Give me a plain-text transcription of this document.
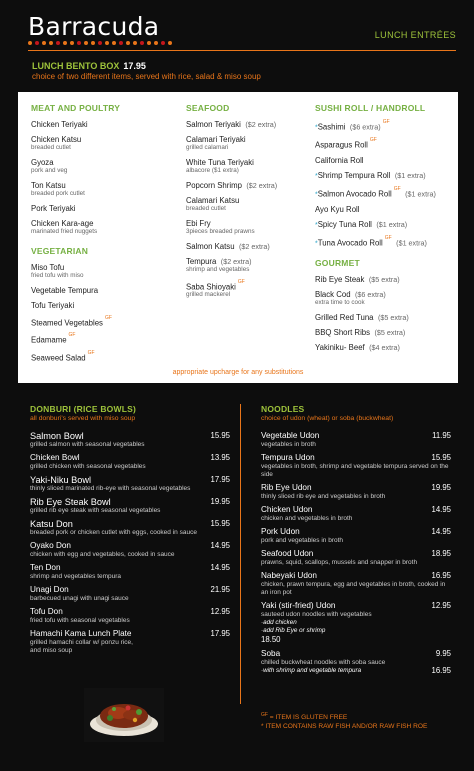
Barracuda	LUNCH ENTRÉES
LUNCH BENTO BOX 17.95
choice of two different items, served with rice, salad & miso soup
MEAT AND POULTRY
Chicken Teriyaki
Chicken Katsu
breaded cutlet
Gyoza
pork and veg
Ton Katsu
breaded pork cutlet
Pork Teriyaki
Chicken Kara-age
marinated fried nuggets
VEGETARIAN
Miso Tofu
fried tofu with miso
Vegetable Tempura
Tofu Teriyaki
Steamed Vegetables$^{GF}$
Edamame$^{GF}$
Seaweed Salad$^{GF}$
SEAFOOD
Salmon Teriyaki ($2 extra)
Calamari Teriyaki
grilled calamari
White Tuna Teriyaki
albacore ($1 extra)
Popcorn Shrimp ($2 extra)
Calamari Katsu
breaded cutlet
Ebi Fry
3pieces breaded prawns
Salmon Katsu ($2 extra)
Tempura ($2 extra)
shrimp and vegetables
Saba Shioyaki$^{GF}$
grilled mackerel
SUSHI ROLL / HANDROLL
*Sashimi ($6 extra)$^{GF}$
Asparagus Roll$^{GF}$
California Roll
*Shrimp Tempura Roll ($1 extra)
*Salmon Avocado Roll$^{GF}$ ($1 extra)
Ayo Kyu Roll
*Spicy Tuna Roll ($1 extra)
*Tuna Avocado Roll$^{GF}$ ($1 extra)
GOURMET
Rib Eye Steak ($5 extra)
Black Cod ($6 extra)
extra time to cook
Grilled Red Tuna ($5 extra)
BBQ Short Ribs ($5 extra)
Yakiniku- Beef ($4 extra)
appropriate upcharge for any substitutions
DONBURI (RICE BOWLS)
all donburi's served with miso soup
Salmon Bowl	15.95
grilled salmon with seasonal vegetables
Chicken Bowl	13.95
grilled chicken with seasonal vegetables
Yaki-Niku Bowl	17.95
thinly sliced marinated rib-eye with seasonal vegetables
Rib Eye Steak Bowl	19.95
grilled rib eye steak with seasonal vegetables
Katsu Don	15.95
breaded pork or chicken cutlet with eggs, cooked in sauce
Oyako Don	14.95
chicken with egg and vegetables, cooked in sauce
Ten Don	14.95
shrimp and vegetables tempura
Unagi Don	21.95
barbecued unagi with unagi sauce
Tofu Don	12.95
fried tofu with seasonal vegetables
Hamachi Kama Lunch Plate	17.95
grilled hamachi collar w/ ponzu rice, and miso soup
NOODLES
choice of udon (wheat) or soba (buckwheat)
Vegetable Udon	11.95
vegetables in broth
Tempura Udon	15.95
vegetables in broth, shrimp and vegetable tempura served on the side
Rib Eye Udon	19.95
thinly sliced rib eye and vegetables in broth
Chicken Udon	14.95
chicken and vegetables in broth
Pork Udon	14.95
pork and vegetables in broth
Seafood Udon	18.95
prawns, squid, scallops, mussels and snapper in broth
Nabeyaki Udon	16.95
chicken, prawn tempura, egg and vegetables in broth, cooked in an iron pot
Yaki (stir-fried) Udon	12.95
sauteed udon noodles with vegetables
·add chicken
·add Rib Eye or shrimp
18.50
Soba	9.95
chilled buckwheat noodles with soba sauce
·with shrimp and vegetable tempura	16.95
$^{GF}$ = ITEM IS GLUTEN FREE
* ITEM CONTAINS RAW FISH AND/OR RAW FISH ROE
